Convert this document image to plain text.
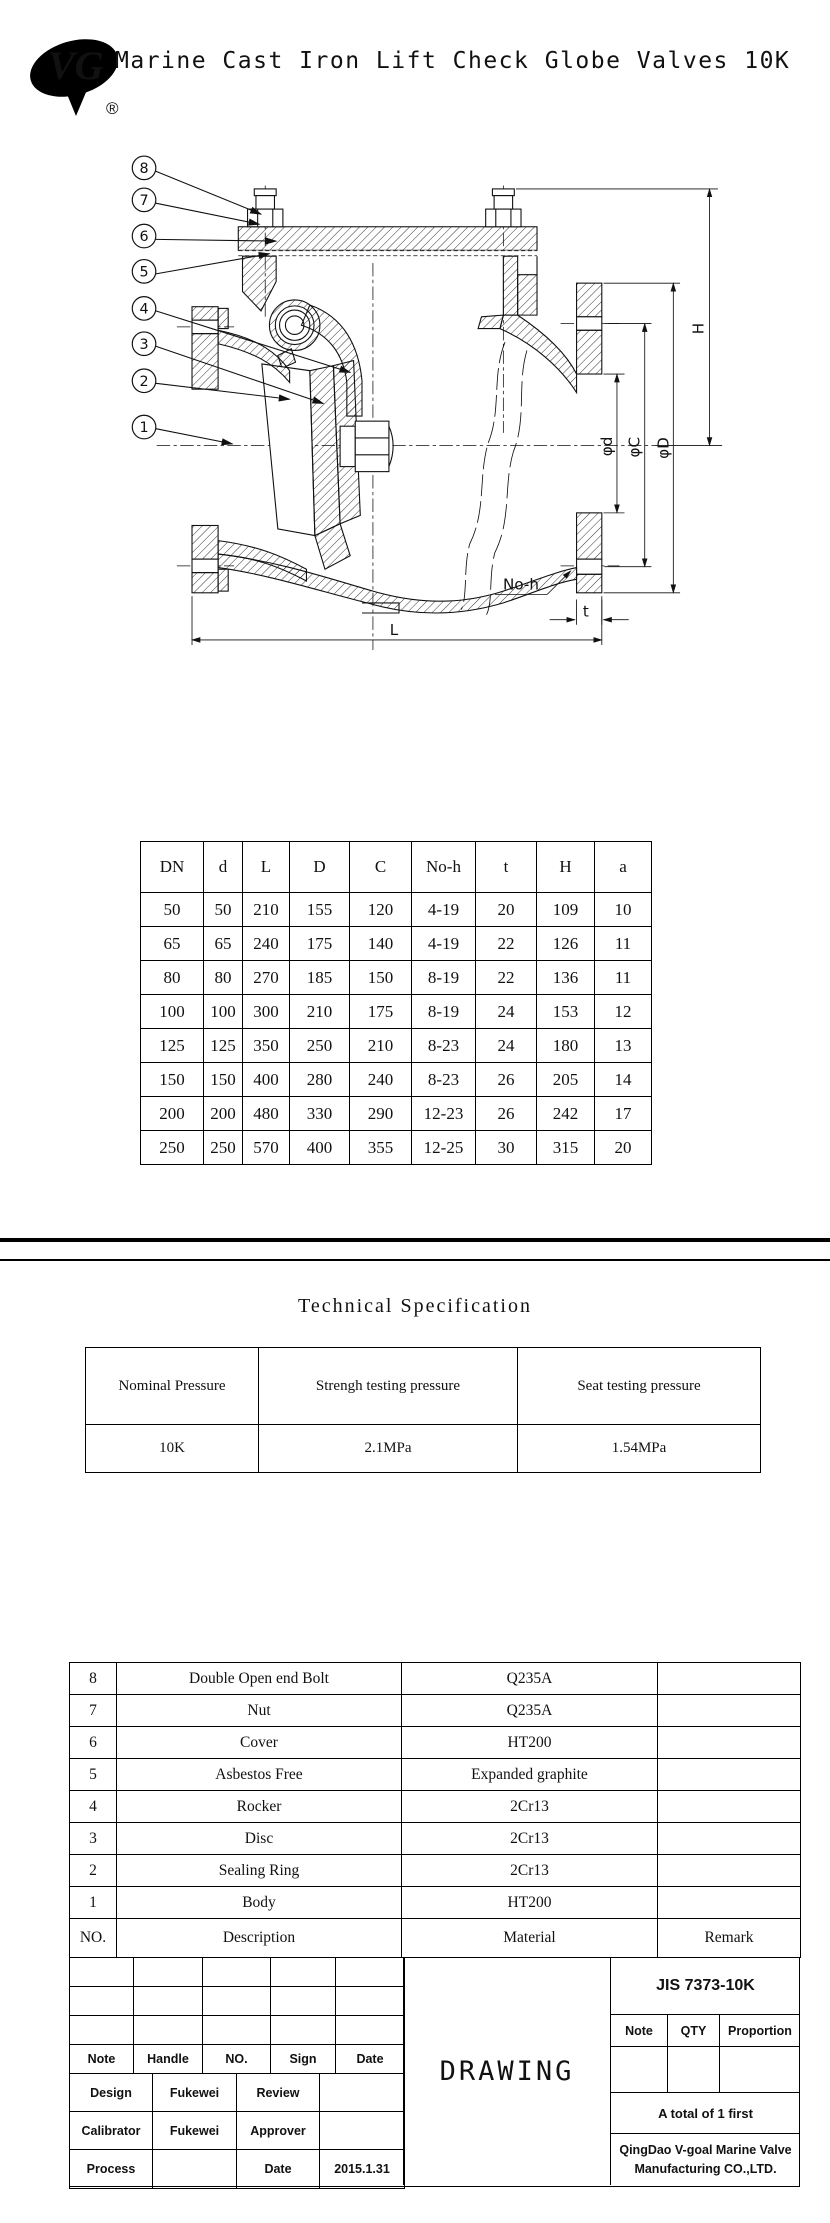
VG
®
Marine Cast Iron Lift Check Globe Valves 10K
φd φC φD
H
No-h
t
L
8
7
6
5
4
3
2
1
DN	d	L	D	C	No-h	t	H	a
50	50	210	155	120	4-19	20	109	10
65	65	240	175	140	4-19	22	126	11
80	80	270	185	150	8-19	22	136	11
100	100	300	210	175	8-19	24	153	12
125	125	350	250	210	8-23	24	180	13
150	150	400	280	240	8-23	26	205	14
200	200	480	330	290	12-23	26	242	17
250	250	570	400	355	12-25	30	315	20
Technical Specification
Nominal Pressure	Strengh testing pressure	Seat testing pressure
10K	2.1MPa	1.54MPa
8	Double Open end Bolt	Q235A	
7	Nut	Q235A	
6	Cover	HT200	
5	Asbestos Free	Expanded graphite	
4	Rocker	2Cr13	
3	Disc	2Cr13	
2	Sealing Ring	2Cr13	
1	Body	HT200	
NO.	Description	Material	Remark

Note	Handle	NO.	Sign	Date
Design	Fukewei	Review	
Calibrator	Fukewei	Approver	
Process		Date	2015.1.31
DRAWING
JIS 7373-10K
Note	QTY	Proportion
A total of 1 first
QingDao V-goal Marine Valve
Manufacturing CO.,LTD.
